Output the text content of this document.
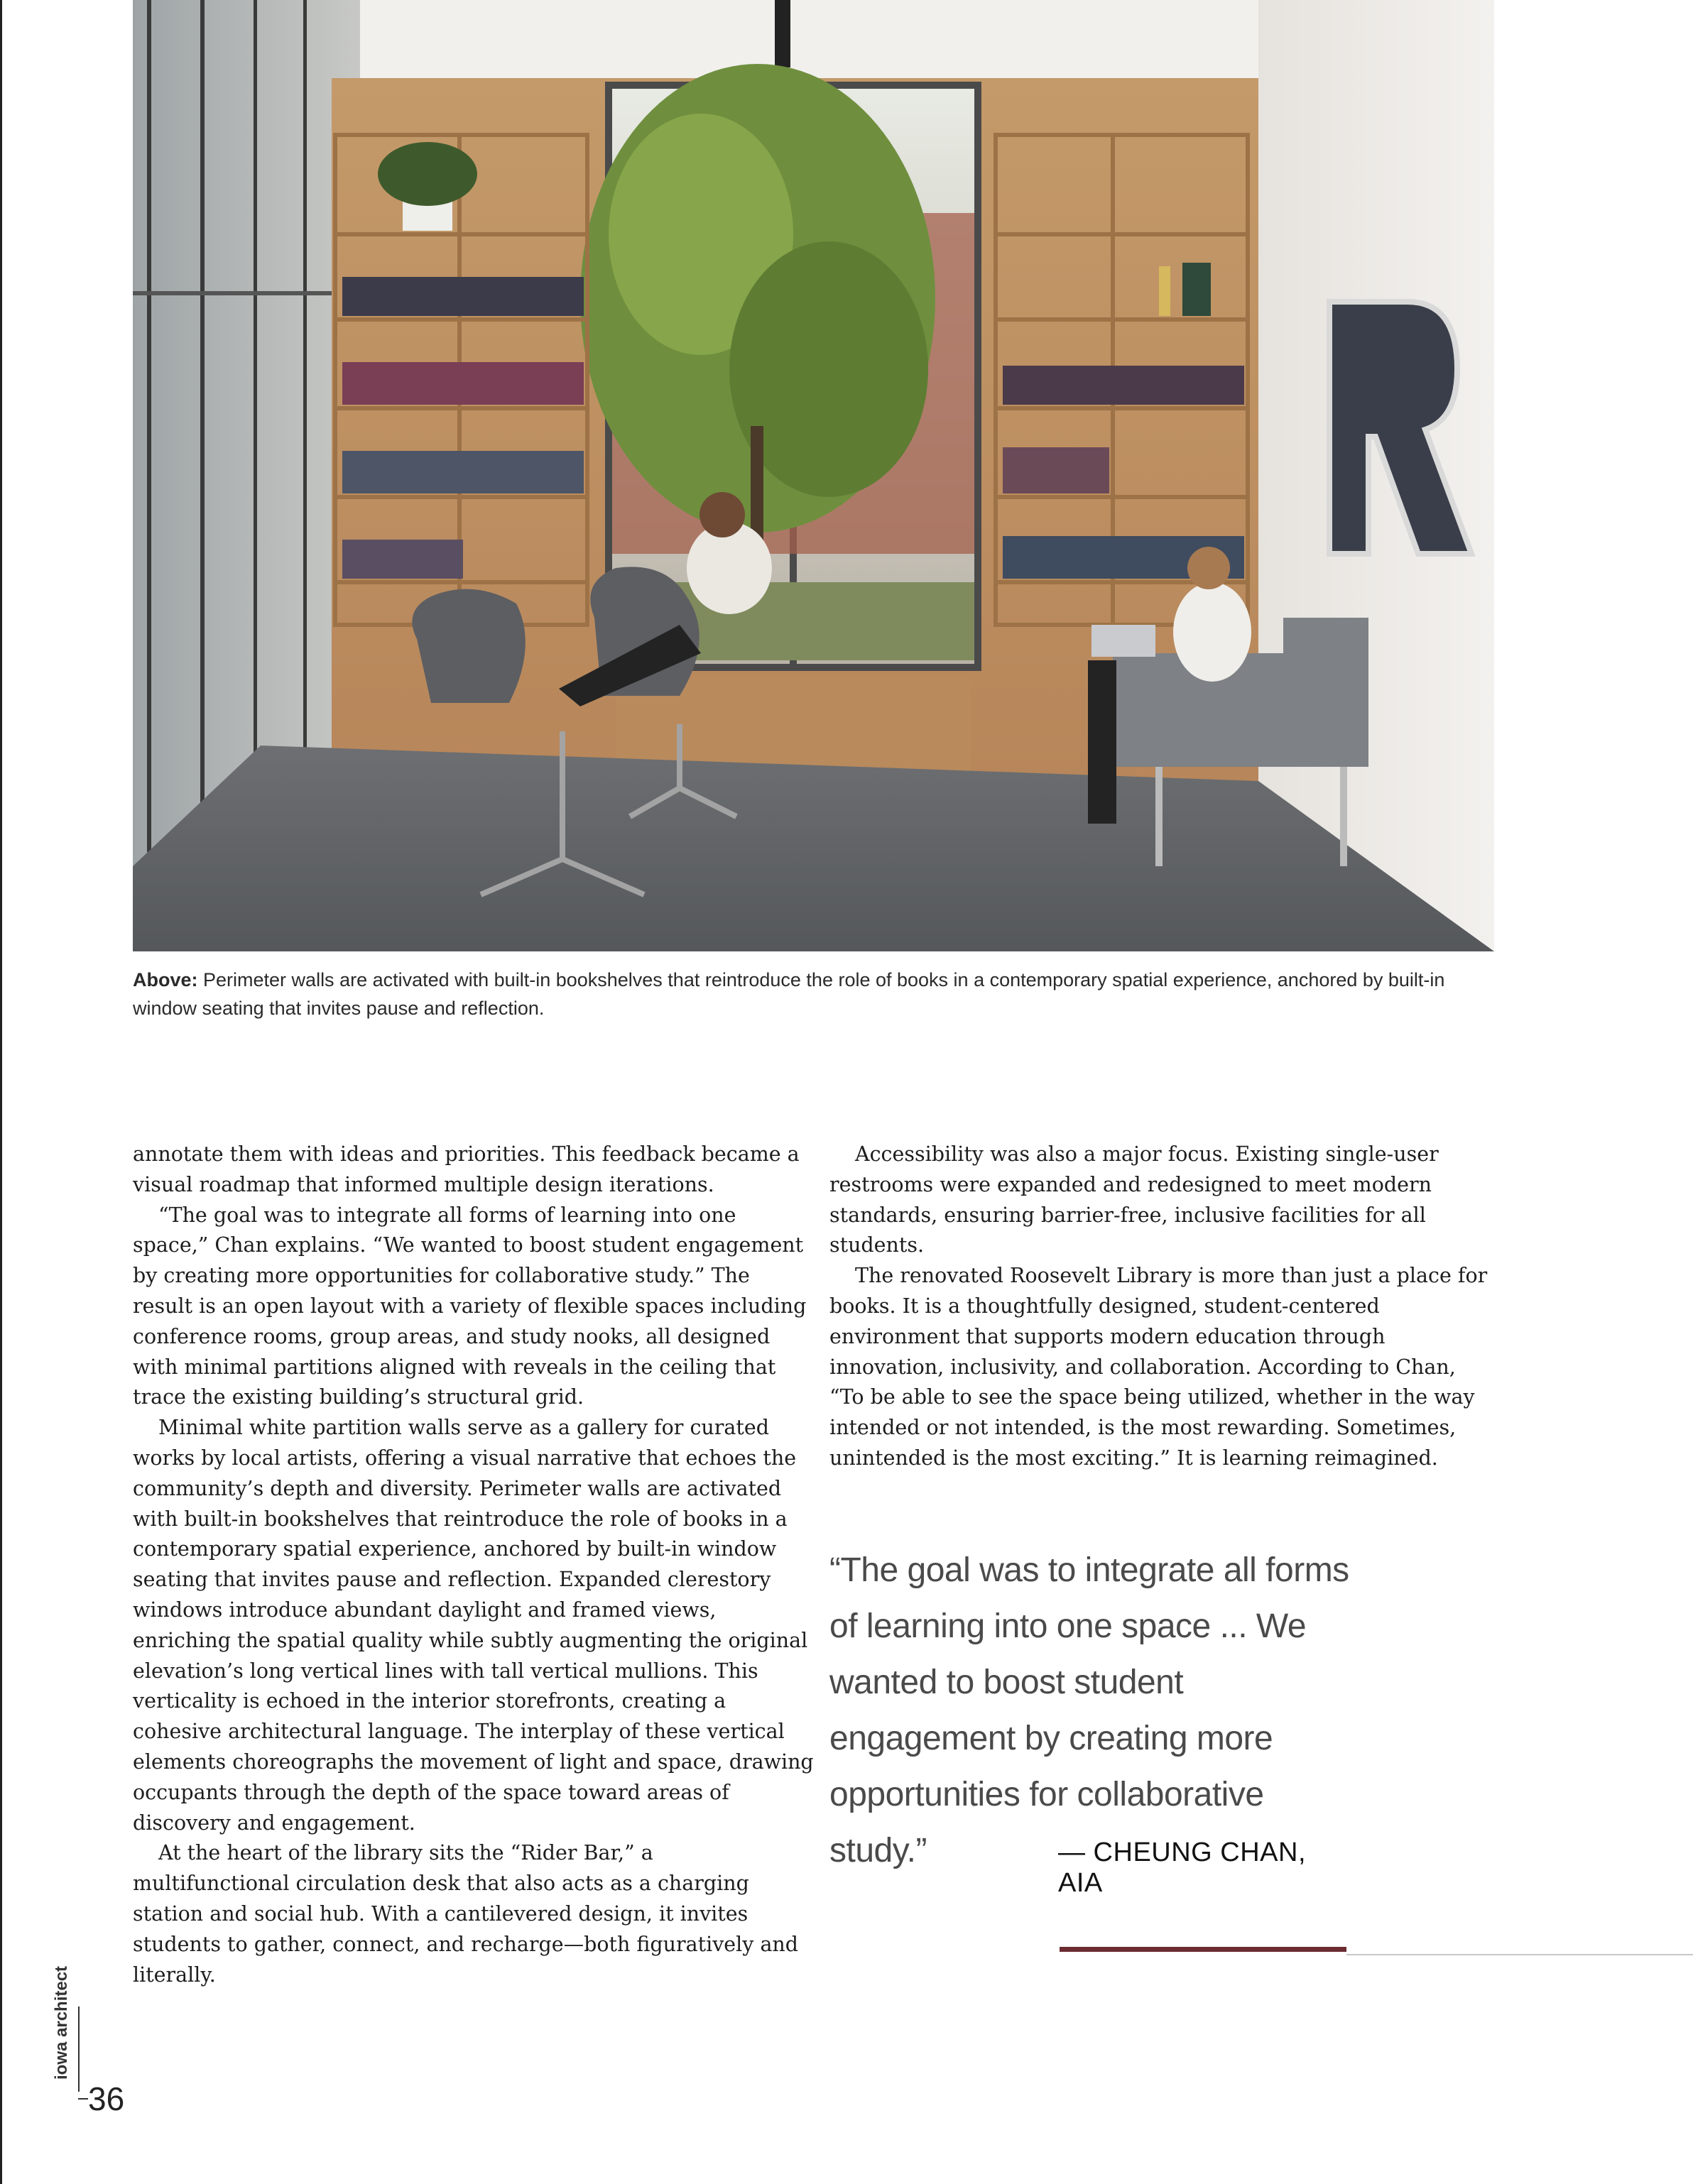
Above: Perimeter walls are activated with built-in bookshelves that reintroduce the role of books in a contemporary spatial experience, anchored by built-in window seating that invites pause and reflection.

annotate them with ideas and priorities. This feedback became a visual roadmap that informed multiple design iterations.

“The goal was to integrate all forms of learning into one space,” Chan explains. “We wanted to boost student engagement by creating more opportunities for collaborative study.” The result is an open layout with a variety of flexible spaces including conference rooms, group areas, and study nooks, all designed with minimal partitions aligned with reveals in the ceiling that trace the existing building’s structural grid.

Minimal white partition walls serve as a gallery for curated works by local artists, offering a visual narrative that echoes the community’s depth and diversity. Perimeter walls are activated with built-in bookshelves that reintroduce the role of books in a contemporary spatial experience, anchored by built-in window seating that invites pause and reflection. Expanded clerestory windows introduce abundant daylight and framed views, enriching the spatial quality while subtly augmenting the original elevation’s long vertical lines with tall vertical mullions. This verticality is echoed in the interior storefronts, creating a cohesive architectural language. The interplay of these vertical elements choreographs the movement of light and space, drawing occupants through the depth of the space toward areas of discovery and engagement.

At the heart of the library sits the “Rider Bar,” a multifunctional circulation desk that also acts as a charging station and social hub. With a cantilevered design, it invites students to gather, connect, and recharge—both figuratively and literally.

Accessibility was also a major focus. Existing single-user restrooms were expanded and redesigned to meet modern standards, ensuring barrier-free, inclusive facilities for all students.

The renovated Roosevelt Library is more than just a place for books. It is a thoughtfully designed, student-centered environment that supports modern education through innovation, inclusivity, and collaboration. According to Chan, “To be able to see the space being utilized, whether in the way intended or not intended, is the most rewarding. Sometimes, unintended is the most exciting.” It is learning reimagined.

“The goal was to integrate all forms of learning into one space ... We wanted to boost student engagement by creating more opportunities for collaborative study.”	— CHEUNG CHAN, AIA
iowa architect
36
